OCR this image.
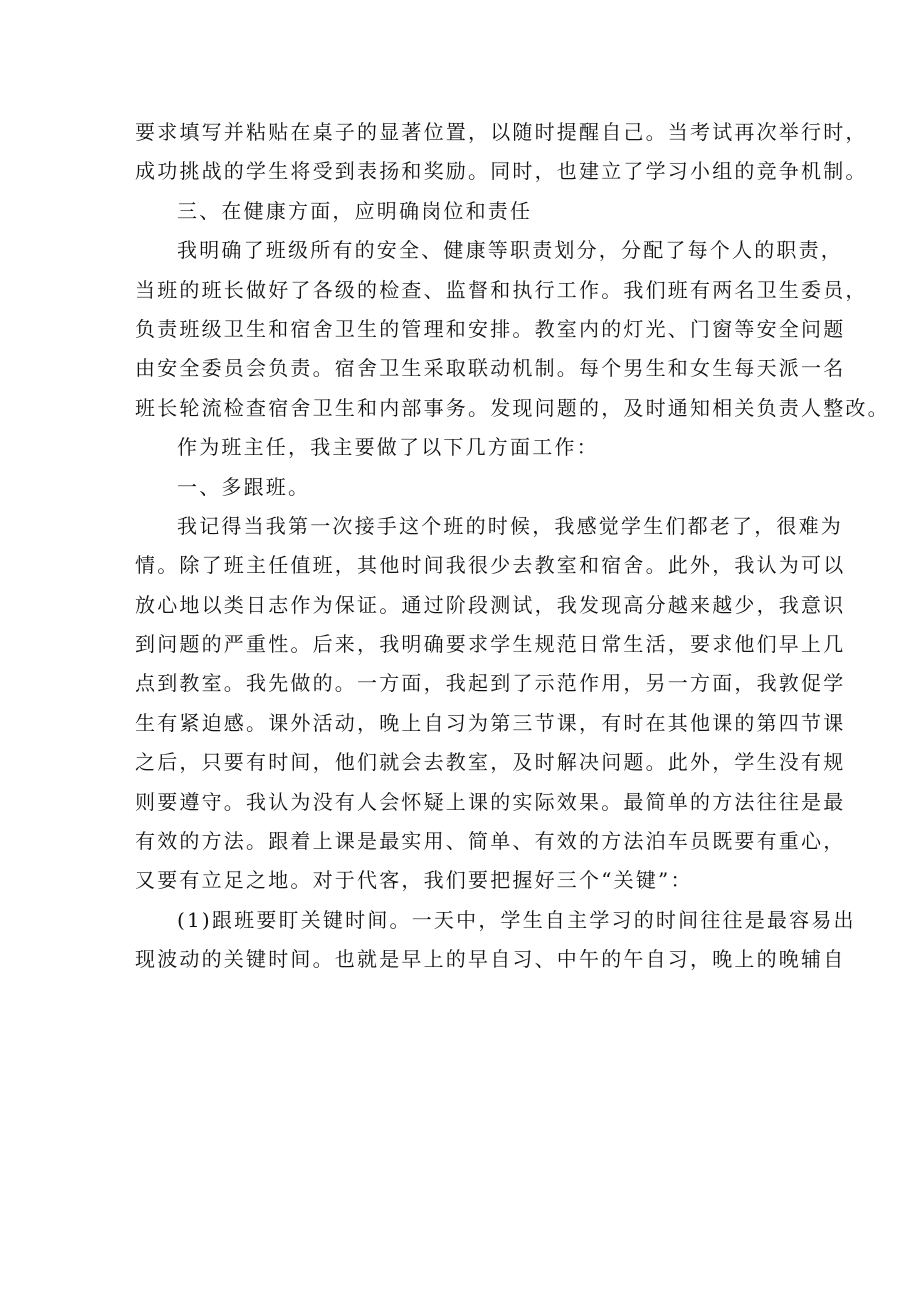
要求填写并粘贴在桌子的显著位置，以随时提醒自己。当考试再次举行时，
成功挑战的学生将受到表扬和奖励。同时，也建立了学习小组的竞争机制。
三、在健康方面，应明确岗位和责任
我明确了班级所有的安全、健康等职责划分，分配了每个人的职责，
当班的班长做好了各级的检查、监督和执行工作。我们班有两名卫生委员，
负责班级卫生和宿舍卫生的管理和安排。教室内的灯光、门窗等安全问题
由安全委员会负责。宿舍卫生采取联动机制。每个男生和女生每天派一名
班长轮流检查宿舍卫生和内部事务。发现问题的，及时通知相关负责人整改。
作为班主任，我主要做了以下几方面工作：
一、多跟班。
我记得当我第一次接手这个班的时候，我感觉学生们都老了，很难为
情。除了班主任值班，其他时间我很少去教室和宿舍。此外，我认为可以
放心地以类日志作为保证。通过阶段测试，我发现高分越来越少，我意识
到问题的严重性。后来，我明确要求学生规范日常生活，要求他们早上几
点到教室。我先做的。一方面，我起到了示范作用，另一方面，我敦促学
生有紧迫感。课外活动，晚上自习为第三节课，有时在其他课的第四节课
之后，只要有时间，他们就会去教室，及时解决问题。此外，学生没有规
则要遵守。我认为没有人会怀疑上课的实际效果。最简单的方法往往是最
有效的方法。跟着上课是最实用、简单、有效的方法泊车员既要有重心，
又要有立足之地。对于代客，我们要把握好三个“关键”：
(1)跟班要盯关键时间。一天中，学生自主学习的时间往往是最容易出
现波动的关键时间。也就是早上的早自习、中午的午自习，晚上的晚辅自
